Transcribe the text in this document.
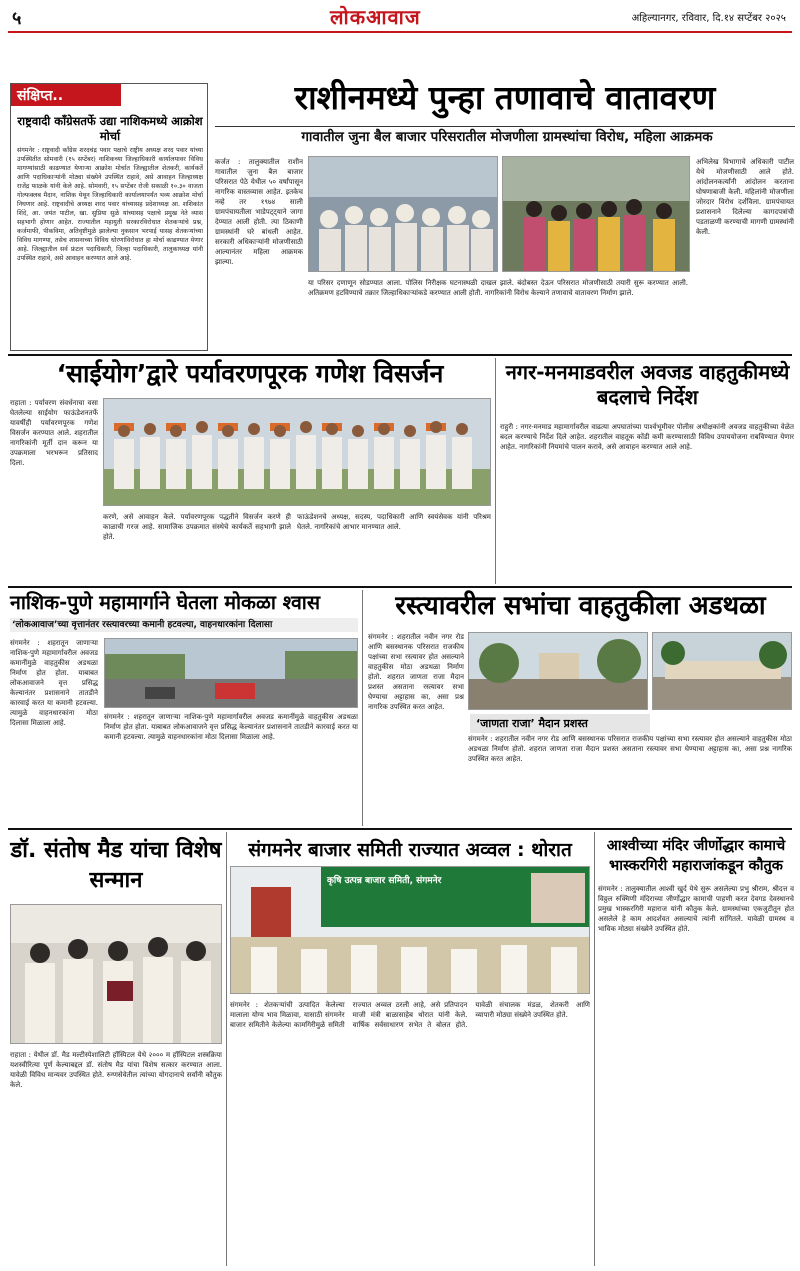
५	लोकआवाज	अहिल्यानगर, रविवार, दि.१४ सप्टेंबर २०२५
संक्षिप्त..
राष्ट्रवादी कॉंग्रेसतर्फे उद्या नाशिकमध्ये आक्रोश मोर्चा
संगमनेर : राष्ट्रवादी काँग्रेस शरदचंद्र पवार पक्षाचे राष्ट्रीय अध्यक्ष शरद पवार यांच्या उपस्थितीत सोमवारी (१५ सप्टेंबर) नाशिकच्या जिल्हाधिकारी कार्यालयावर विविध मागण्यांसाठी काढण्यात येणाऱ्या आक्रोश मोर्चात जिल्ह्यातील शेतकरी, कार्यकर्ते आणि पदाधिकाऱ्यांनी मोठ्या संख्येने उपस्थित राहावे, असे आवाहन जिल्हाध्यक्ष राजेंद्र फाळके यांनी केले आहे. सोमवारी, १५ सप्टेंबर रोजी सकाळी १०.३० वाजता गोल्फक्लब मैदान, नाशिक येथून जिल्हाधिकारी कार्यालयापर्यंत भव्य आक्रोश मोर्चा निघणार आहे. राष्ट्रवादीचे अध्यक्ष शरद पवार यांच्यासह प्रदेशाध्यक्ष आ. शशिकांत शिंदे, आ. जयंत पाटील, खा. सुप्रिया सुळे यांच्यासह पक्षाचे प्रमुख नेते व्यास सहभागी होणार आहेत. राज्यातील महायुती सरकारविरोधात शेतकऱ्यांचे प्रश्न, कर्जमाफी, पीकविमा, अतिवृष्टीमुळे झालेल्या नुकसान भरपाई यासह शेतकऱ्यांच्या विविध मागण्या, तसेच शासनाच्या विविध धोरणांविरोधात हा मोर्चा काढण्यात येणार आहे. जिल्ह्यातील सर्व फ्रंटल पदाधिकारी, जिल्हा पदाधिकारी, तालुकाध्यक्ष यांनी उपस्थित राहावे, असे आवाहन करण्यात आले आहे.
राशीनमध्ये पुन्हा तणावाचे वातावरण
गावातील जुना बैल बाजार परिसरातील मोजणीला ग्रामस्थांचा विरोध, महिला आक्रमक
कर्जत : तालुक्यातील राशीन गावातील जुना बैल बाजार परिसरात पेठे येथील ५० वर्षांपासून नागरिक वास्तव्यास आहेत. इतकेच नव्हे तर १९७४ साली ग्रामपंचायतीला भाडेपट्ट्याने जागा देण्यात आली होती. त्या ठिकाणी ग्रामस्थांनी घरे बांधली आहेत. सरकारी अधिकाऱ्यांनी मोजणीसाठी आल्यानंतर महिला आक्रमक झाल्या.
या परिसर दणाणून सोडण्यात आला. पोलिस निरीक्षक घटनास्थळी दाखल झाले. बंदोबस्त देऊन परिसरात मोजणीसाठी तयारी सुरू करण्यात आली. अतिक्रमण हटविण्याचे तक्रार जिल्हाधिकाऱ्यांकडे करण्यात आली होती. नागरिकांनी विरोध केल्याने तणावाचे वातावरण निर्माण झाले.
अभिलेख विभागाचे अधिकारी पाटील येथे मोजणीसाठी आले होते. आंदोलनकर्त्यांनी आंदोलन करताना घोषणाबाजी केली. महिलांनी मोजणीला जोरदार विरोध दर्शविला. ग्रामपंचायत प्रशासनाने दिलेल्या कागदपत्रांची पडताळणी करण्याची मागणी ग्रामस्थांनी केली.
‘साईयोग’द्वारे पर्यावरणपूरक गणेश विसर्जन
राहाता : पर्यावरण संवर्धनाचा वसा घेतलेल्या साईयोग फाऊंडेशनतर्फे यावर्षीही पर्यावरणपूरक गणेश विसर्जन करण्यात आले. शहरातील नागरिकांनी मूर्ती दान करून या उपक्रमाला भरभरून प्रतिसाद दिला.
करणे, असे आवाहन केले. पर्यावरणपूरक पद्धतीने विसर्जन करणे ही काळाची गरज आहे. सामाजिक उपक्रमात संस्थेचे कार्यकर्ते सहभागी झाले होते.
फाऊंडेशनचे अध्यक्ष, सदस्य, पदाधिकारी आणि स्वयंसेवक यांनी परिश्रम घेतले. नागरिकांचे आभार मानण्यात आले.
नगर-मनमाडवरील अवजड वाहतुकीमध्ये बदलाचे निर्देश
राहुरी : नगर-मनमाड महामार्गावरील वाढत्या अपघातांच्या पार्श्वभूमीवर पोलीस अधीक्षकांनी अवजड वाहतुकीच्या वेळेत बदल करण्याचे निर्देश दिले आहेत. शहरातील वाहतूक कोंडी कमी करण्यासाठी विविध उपाययोजना राबविण्यात येणार आहेत. नागरिकांनी नियमांचे पालन करावे, असे आवाहन करण्यात आले आहे.
नाशिक-पुणे महामार्गाने घेतला मोकळा श्वास
‘लोकआवाज’च्या वृत्तानंतर रस्त्यावरच्या कमानी हटवल्या, वाहनधारकांना दिलासा
संगमनेर : शहरातून जाणाऱ्या नाशिक-पुणे महामार्गावरील अवजड कमानींमुळे वाहतुकीस अडथळा निर्माण होत होता. याबाबत लोकआवाजने वृत्त प्रसिद्ध केल्यानंतर प्रशासनाने तातडीने कारवाई करत या कमानी हटवल्या. त्यामुळे वाहनधारकांना मोठा दिलासा मिळाला आहे.
संगमनेर : शहरातून जाणाऱ्या नाशिक-पुणे महामार्गावरील अवजड कमानींमुळे वाहतुकीस अडथळा निर्माण होत होता. याबाबत लोकआवाजने वृत्त प्रसिद्ध केल्यानंतर प्रशासनाने तातडीने कारवाई करत या कमानी हटवल्या. त्यामुळे वाहनधारकांना मोठा दिलासा मिळाला आहे.
रस्त्यावरील सभांचा वाहतुकीला अडथळा
संगमनेर : शहरातील नवीन नगर रोड आणि बसस्थानक परिसरात राजकीय पक्षांच्या सभा रस्त्यावर होत असल्याने वाहतुकीस मोठा अडथळा निर्माण होतो. शहरात जाणता राजा मैदान प्रशस्त असताना रस्त्यावर सभा घेण्याचा अट्टाहास का, असा प्रश्न नागरिक उपस्थित करत आहेत.
‘जाणता राजा’ मैदान प्रशस्त
संगमनेर : शहरातील नवीन नगर रोड आणि बसस्थानक परिसरात राजकीय पक्षांच्या सभा रस्त्यावर होत असल्याने वाहतुकीस मोठा अडथळा निर्माण होतो. शहरात जाणता राजा मैदान प्रशस्त असताना रस्त्यावर सभा घेण्याचा अट्टाहास का, असा प्रश्न नागरिक उपस्थित करत आहेत.
डॉ. संतोष मैड यांचा विशेष सन्मान
राहाता : येथील डॉ. मैड मल्टीस्पेशालिटी हॉस्पिटल येथे २००० म हॉस्पिटल शस्त्रक्रिया यशस्वीरित्या पूर्ण केल्याबद्दल डॉ. संतोष मैड यांचा विशेष सत्कार करण्यात आला. यावेळी विविध मान्यवर उपस्थित होते. रुग्णसेवेतील त्यांच्या योगदानाचे सर्वांनी कौतुक केले.
संगमनेर बाजार समिती राज्यात अव्वल : थोरात
कृषि उत्पन्न बाजार समिती, संगमनेर
संगमनेर : शेतकऱ्यांची उत्पादित केलेल्या मालाला योग्य भाव मिळावा, यासाठी संगमनेर बाजार समितीने केलेल्या कामगिरीमुळे समिती राज्यात अव्वल ठरली आहे, असे प्रतिपादन माजी मंत्री बाळासाहेब थोरात यांनी केले. वार्षिक सर्वसाधारण सभेत ते बोलत होते. यावेळी संचालक मंडळ, शेतकरी आणि व्यापारी मोठ्या संख्येने उपस्थित होते.
आश्वीच्या मंदिर जीर्णोद्धार कामाचे भास्करगिरी महाराजांकडून कौतुक
संगमनेर : तालुक्यातील आश्वी खुर्द येथे सुरू असलेल्या प्रभु श्रीराम, श्रीदत्त व विठ्ठल रुक्मिणी मंदिराच्या जीर्णोद्धार कामाची पाहणी करत देवगड देवस्थानचे प्रमुख भास्करगिरी महाराज यांनी कौतुक केले. ग्रामस्थांच्या एकजुटीतून होत असलेले हे काम आदर्शवत असल्याचे त्यांनी सांगितले. यावेळी ग्रामस्थ व भाविक मोठ्या संख्येने उपस्थित होते.
